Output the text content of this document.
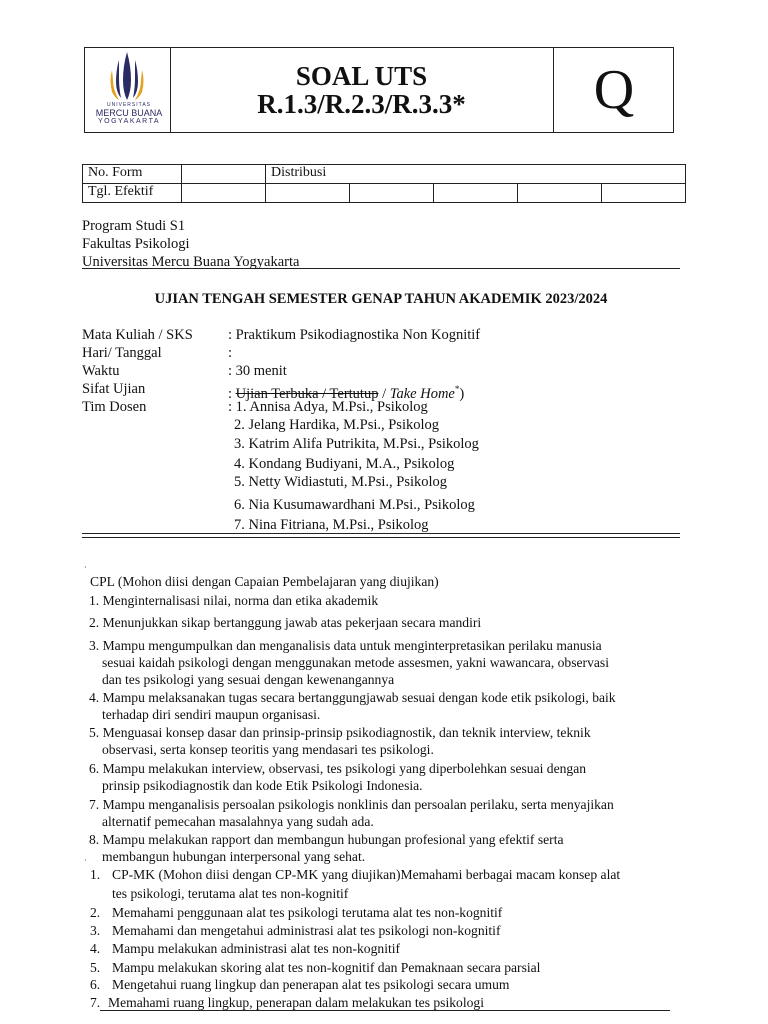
UNIVERSITAS
MERCU BUANA
YOGYAKARTA
SOAL UTS
R.1.3/R.2.3/R.3.3*	Q
No. Form		Distribusi				
Tgl. Efektif						
Program Studi S1
Fakultas Psikologi
Universitas Mercu Buana Yogyakarta
UJIAN TENGAH SEMESTER GENAP TAHUN AKADEMIK 2023/2024
Mata Kuliah / SKS : Praktikum Psikodiagnostika Non Kognitif
Hari/ Tanggal	:
Waktu	: 30 menit
Sifat Ujian	: Ujian Terbuka / Tertutup / Take Home*)
Tim Dosen	: 1. Annisa Adya, M.Psi., Psikolog
2. Jelang Hardika, M.Psi., Psikolog
3. Katrim Alifa Putrikita, M.Psi., Psikolog
4. Kondang Budiyani, M.A., Psikolog
5. Netty Widiastuti, M.Psi., Psikolog
6. Nia Kusumawardhani M.Psi., Psikolog
7. Nina Fitriana, M.Psi., Psikolog
·
CPL (Mohon diisi dengan Capaian Pembelajaran yang diujikan)
1. Menginternalisasi nilai, norma dan etika akademik
2. Menunjukkan sikap bertanggung jawab atas pekerjaan secara mandiri
3. Mampu mengumpulkan dan menganalisis data untuk menginterpretasikan perilaku manusia
sesuai kaidah psikologi dengan menggunakan metode assesmen, yakni wawancara, observasi
dan tes psikologi yang sesuai dengan kewenangannya
4. Mampu melaksanakan tugas secara bertanggungjawab sesuai dengan kode etik psikologi, baik
terhadap diri sendiri maupun organisasi.
5. Menguasai konsep dasar dan prinsip-prinsip psikodiagnostik, dan teknik interview, teknik
observasi, serta konsep teoritis yang mendasari tes psikologi.
6. Mampu melakukan interview, observasi, tes psikologi yang diperbolehkan sesuai dengan
prinsip psikodiagnostik dan kode Etik Psikologi Indonesia.
7. Mampu menganalisis persoalan psikologis nonklinis dan persoalan perilaku, serta menyajikan
alternatif pemecahan masalahnya yang sudah ada.
8. Mampu melakukan rapport dan membangun hubungan profesional yang efektif serta
membangun hubungan interpersonal yang sehat.
·
1. CP-MK (Mohon diisi dengan CP-MK yang diujikan)Memahami berbagai macam konsep alat
tes psikologi, terutama alat tes non-kognitif
2. Memahami penggunaan alat tes psikologi terutama alat tes non-kognitif
3. Memahami dan mengetahui administrasi alat tes psikologi non-kognitif
4. Mampu melakukan administrasi alat tes non-kognitif
5. Mampu melakukan skoring alat tes non-kognitif dan Pemaknaan secara parsial
6. Mengetahui ruang lingkup dan penerapan alat tes psikologi secara umum
7. Memahami ruang lingkup, penerapan dalam melakukan tes psikologi
